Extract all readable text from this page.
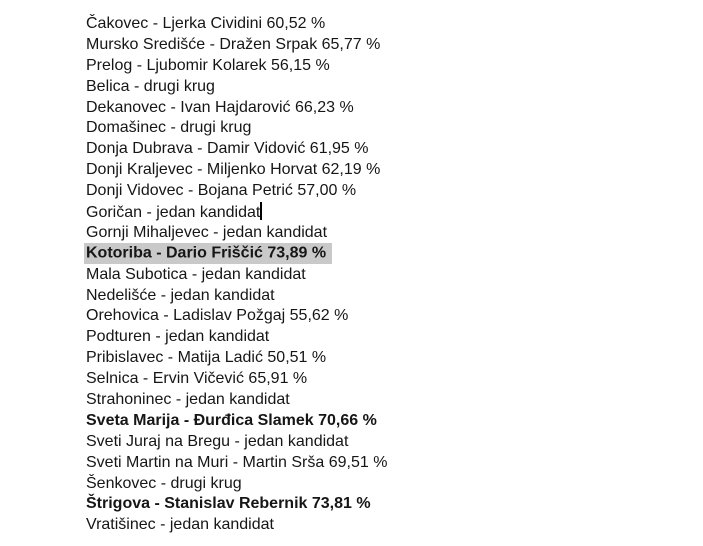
Čakovec - Ljerka Cividini 60,52 %
Mursko Središće - Dražen Srpak 65,77 %
Prelog - Ljubomir Kolarek 56,15 %
Belica - drugi krug
Dekanovec - Ivan Hajdarović 66,23 %
Domašinec - drugi krug
Donja Dubrava - Damir Vidović 61,95 %
Donji Kraljevec - Miljenko Horvat 62,19 %
Donji Vidovec - Bojana Petrić 57,00 %
Goričan - jedan kandidat
Gornji Mihaljevec - jedan kandidat
Kotoriba - Dario Friščić 73,89 %
Mala Subotica - jedan kandidat
Nedelišće - jedan kandidat
Orehovica - Ladislav Požgaj 55,62 %
Podturen - jedan kandidat
Pribislavec - Matija Ladić 50,51 %
Selnica - Ervin Vičević 65,91 %
Strahoninec - jedan kandidat
Sveta Marija - Đurđica Slamek 70,66 %
Sveti Juraj na Bregu - jedan kandidat
Sveti Martin na Muri - Martin Srša 69,51 %
Šenkovec - drugi krug
Štrigova - Stanislav Rebernik 73,81 %
Vratišinec - jedan kandidat
